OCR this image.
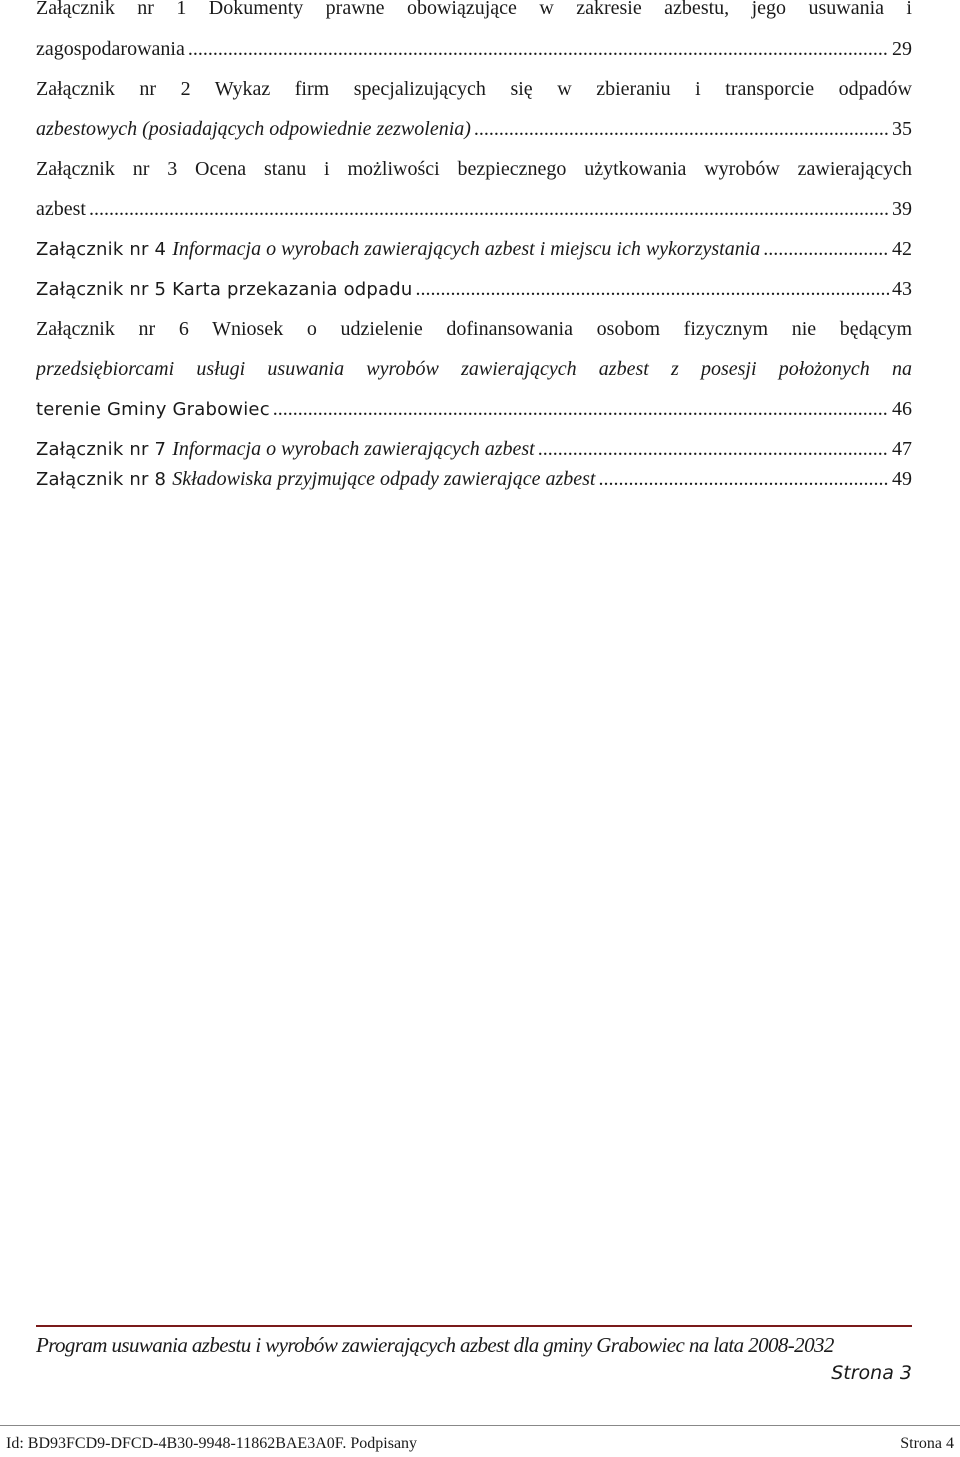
Załącznik nr 1 Dokumenty prawne obowiązujące w zakresie azbestu, jego usuwania i
zagospodarowania .....	29
Załącznik nr 2 Wykaz firm specjalizujących się w zbieraniu i transporcie odpadów
azbestowych (posiadających odpowiednie zezwolenia) .....	35
Załącznik nr 3 Ocena stanu i możliwości bezpiecznego użytkowania wyrobów zawierających
azbest .....	39
Załącznik nr 4 Informacja o wyrobach zawierających azbest i miejscu ich wykorzystania .....	42
Załącznik nr 5 Karta przekazania odpadu .....	43
Załącznik nr 6 Wniosek o udzielenie dofinansowania osobom fizycznym nie będącym
przedsiębiorcami usługi usuwania wyrobów zawierających azbest z posesji położonych na
terenie Gminy Grabowiec .....	46
Załącznik nr 7 Informacja o wyrobach zawierających azbest .....	47
Załącznik nr 8 Składowiska przyjmujące odpady zawierające azbest .....	49
Program usuwania azbestu i wyrobów zawierających azbest dla gminy Grabowiec na lata 2008-2032
Strona 3
Id: BD93FCD9-DFCD-4B30-9948-11862BAE3A0F. Podpisany	Strona 4
